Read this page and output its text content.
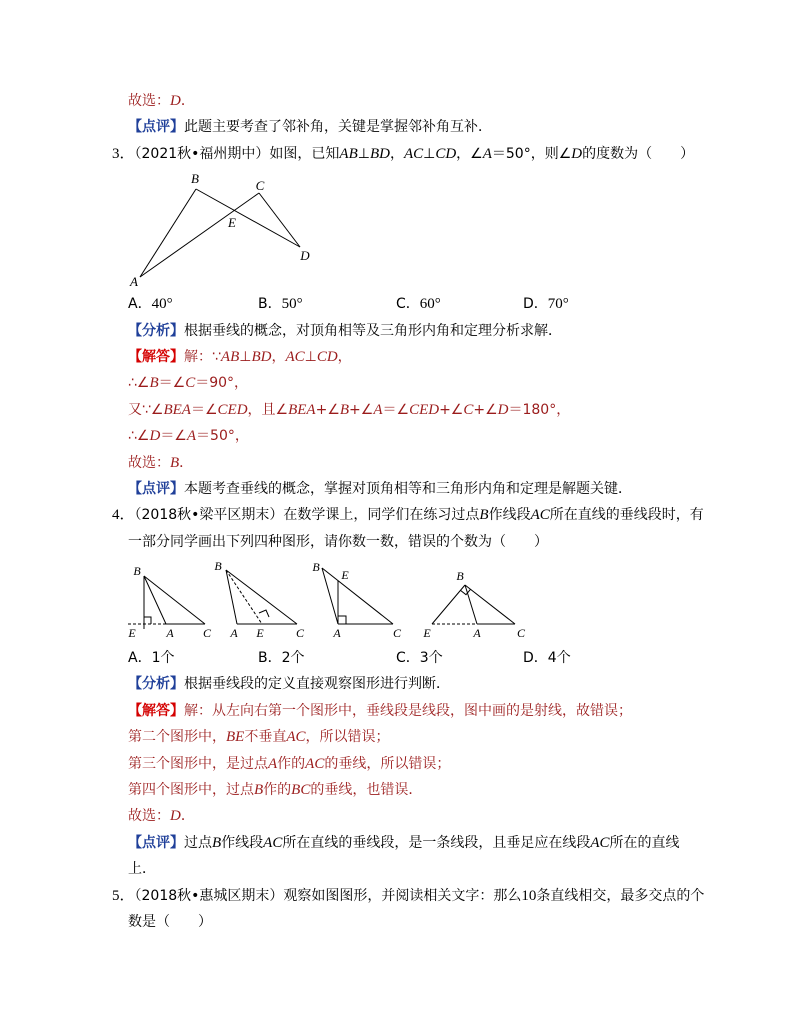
故选：D．
【点评】此题主要考查了邻补角，关键是掌握邻补角互补．
3．（2021秋•福州期中）如图，已知AB⊥BD，AC⊥CD，∠A＝50°，则∠D的度数为（　　）
B	C
E
A
D
A．40°	B．50°	C．60°	D．70°
【分析】根据垂线的概念，对顶角相等及三角形内角和定理分析求解．
【解答】解：∵AB⊥BD，AC⊥CD，
∴∠B＝∠C＝90°，
又∵∠BEA＝∠CED，且∠BEA+∠B+∠A＝∠CED+∠C+∠D＝180°，
∴∠D＝∠A＝50°，
故选：B．
【点评】本题考查垂线的概念，掌握对顶角相等和三角形内角和定理是解题关键．
4．（2018秋•梁平区期末）在数学课上，同学们在练习过点B作线段AC所在直线的垂线段时，有
一部分同学画出下列四种图形，请你数一数，错误的个数为（　　）
B
E	A C
B
A E	C
B
E
A	C
B
E	A	C
A．1个	B．2个	C．3个	D．4个
【分析】根据垂线段的定义直接观察图形进行判断．
【解答】解：从左向右第一个图形中，垂线段是线段，图中画的是射线，故错误；
第二个图形中，BE不垂直AC，所以错误；
第三个图形中，是过点A作的AC的垂线，所以错误；
第四个图形中，过点B作的BC的垂线，也错误．
故选：D．
【点评】过点B作线段AC所在直线的垂线段，是一条线段，且垂足应在线段AC所在的直线
上．
5．（2018秋•惠城区期末）观察如图图形，并阅读相关文字：那么10条直线相交，最多交点的个
数是（　　）
